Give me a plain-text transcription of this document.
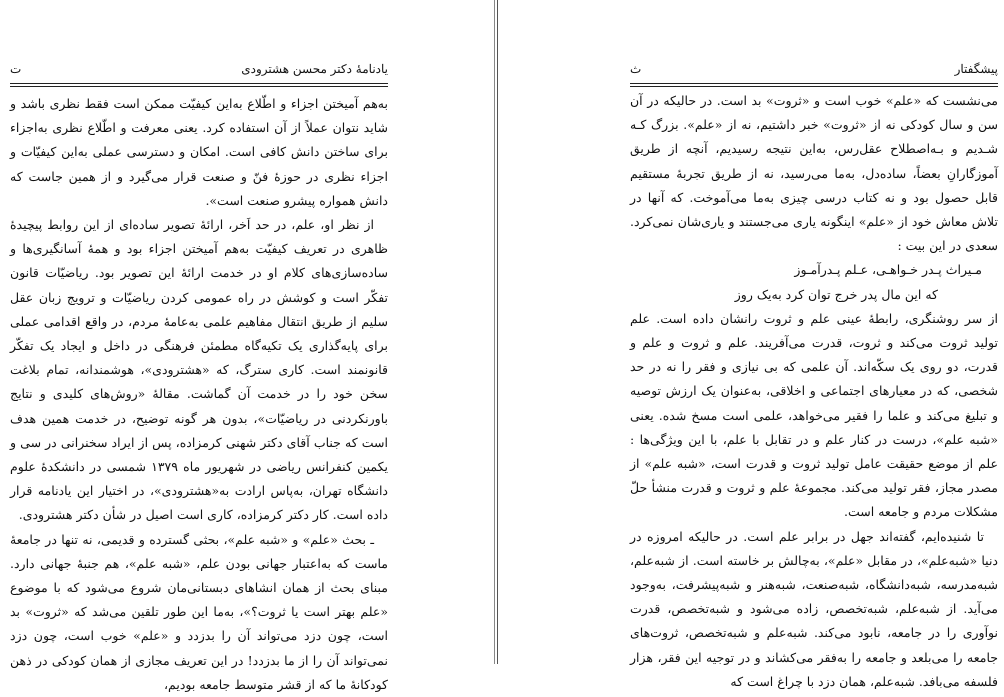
یادنامهٔ دکتر محسن هشترودی
ت

به‌هم آمیختن اجزاء و اطّلاع به‌این کیفیّت ممکن است فقط نظری باشد و شاید نتوان عملاً از آن استفاده کرد. یعنی معرفت و اطّلاع نظری به‌اجزاء برای ساختن دانش کافی است. امکان و دسترسی عملی به‌این کیفیّات و اجزاء نظری در حوزهٔ فنّ و صنعت قرار می‌گیرد و از همین جاست که دانش همواره پیشرو صنعت است».

از نظر او، علم، در حد اَخر، ارائهٔ تصویر ساده‌ای از این روابط پیچیدهٔ ظاهری در تعریف کیفیّت به‌هم آمیختن اجزاء بود و همهٔ آسانگیری‌ها و ساده‌سازی‌های کلام او در خدمت ارائهٔ این تصویر بود. ریاضیّات قانون تفکّر است و کوشش در راه عمومی کردن ریاضیّات و ترویج زبان عقل سلیم از طریق انتقال مفاهیم علمی به‌عامهٔ مردم، در واقع اقدامی عملی برای پایه‌گذاری یک تکیه‌گاه مطمئن فرهنگی در داخل و ایجاد یک تفکّر قانونمند است. کاری سترگ، که «هشترودی»، هوشمندانه، تمام بلاغت سخن خود را در خدمت آن گماشت. مقالهٔ «روش‌های کلیدی و نتایج باورنکردنی در ریاضیّات»، بدون هر گونه توضیح، در خدمت همین هدف است که جناب آقای دکتر شهنی کرمزاده، پس از ایراد سخنرانی در سی و یکمین کنفرانس ریاضی در شهریور ماه ۱۳۷۹ شمسی در دانشکدهٔ علوم دانشگاه تهران، به‌پاس ارادت به‌«هشترودی»، در اختیار این یادنامه قرار داده است. کار دکتر کرمزاده، کاری است اصیل در شأن دکتر هشترودی.

ـ بحث «علم» و «شبه علم»، بحثی گسترده و قدیمی، نه تنها در جامعهٔ ماست که به‌اعتبار جهانی بودن علم، «شبه علم»، هم جنبهٔ جهانی دارد. مبنای بحث از همان انشاهای دبستانی‌مان شروع می‌شود که با موضوع «علم بهتر است یا ثروت؟»، به‌ما این طور تلقین می‌شد که «ثروت» بد است، چون دزد می‌تواند آن را بدزدد و «علم» خوب است، چون دزد نمی‌تواند آن را از ما بدزدد! در این تعریف مجازی از همان کودکی در ذهن کودکانهٔ ما که از قشر متوسط جامعه بودیم،

پیشگفتار
ث

می‌نشست که «علم» خوب است و «ثروت» بد است. در حالیکه در آن سن و سال کودکی نه از «ثروت» خبر داشتیم، نه از «علم». بزرگ کـه شـدیم و بـه‌اصطلاح عقل‌رس، به‌این نتیجه رسیدیم، آنچه از طریق آموزگارانِ بعضاً، ساده‌دل، به‌ما می‌رسید، نه از طریق تجربهٔ مستقیم قابل حصول بود و نه کتاب درسی چیزی به‌ما می‌آموخت. که آنها در تلاش معاش خود از «علم» اینگونه یاری می‌جستند و یاری‌شان نمی‌کرد. سعدی در این بیت :

مـیراث پـدر خـواهـی، عـلم پـدرآمـوز
که این مال پدر خرج توان کرد به‌یک روز

از سر روشنگری، رابطهٔ عینی علم و ثروت رانشان داده است. علم تولید ثروت می‌کند و ثروت، قدرت می‌آفریند. علم و ثروت و علم و قدرت، دو روی یک سکّه‌اند. آن علمی که بی نیازی و فقر را نه در حد شخصی، که در معیارهای اجتماعی و اخلاقی، به‌عنوان یک ارزش توصیه و تبلیغ می‌کند و علما را فقیر می‌خواهد، علمی است مسخ شده. یعنی «شبه علم»، درست در کنار علم و در تقابل با علم، با این ویژگی‌ها : علم از موضع حقیقت عامل تولید ثروت و قدرت است، «شبه علم» از مصدر مجاز، فقر تولید می‌کند. مجموعهٔ علم و ثروت و قدرت منشأ حلّ مشکلات مردم و جامعه است.

تا شنیده‌ایم، گفته‌اند جهل در برابر علم است. در حالیکه امروزه در دنیا «شبه‌علم»، در مقابل «علم»، به‌چالش بر خاسته است. از شبه‌علم، شبه‌مدرسه، شبه‌دانشگاه، شبه‌صنعت، شبه‌هنر و شبه‌پیشرفت، به‌وجود می‌آید. از شبه‌علم، شبه‌تخصص، زاده می‌شود و شبه‌تخصص، قدرت نوآوری را در جامعه، نابود می‌کند. شبه‌علم و شبه‌تخصص، ثروت‌های جامعه را می‌بلعد و جامعه را به‌فقر می‌کشاند و در توجیه این فقر، هزار فلسفه می‌بافد. شبه‌علم، همان دزد با چراغ است که
